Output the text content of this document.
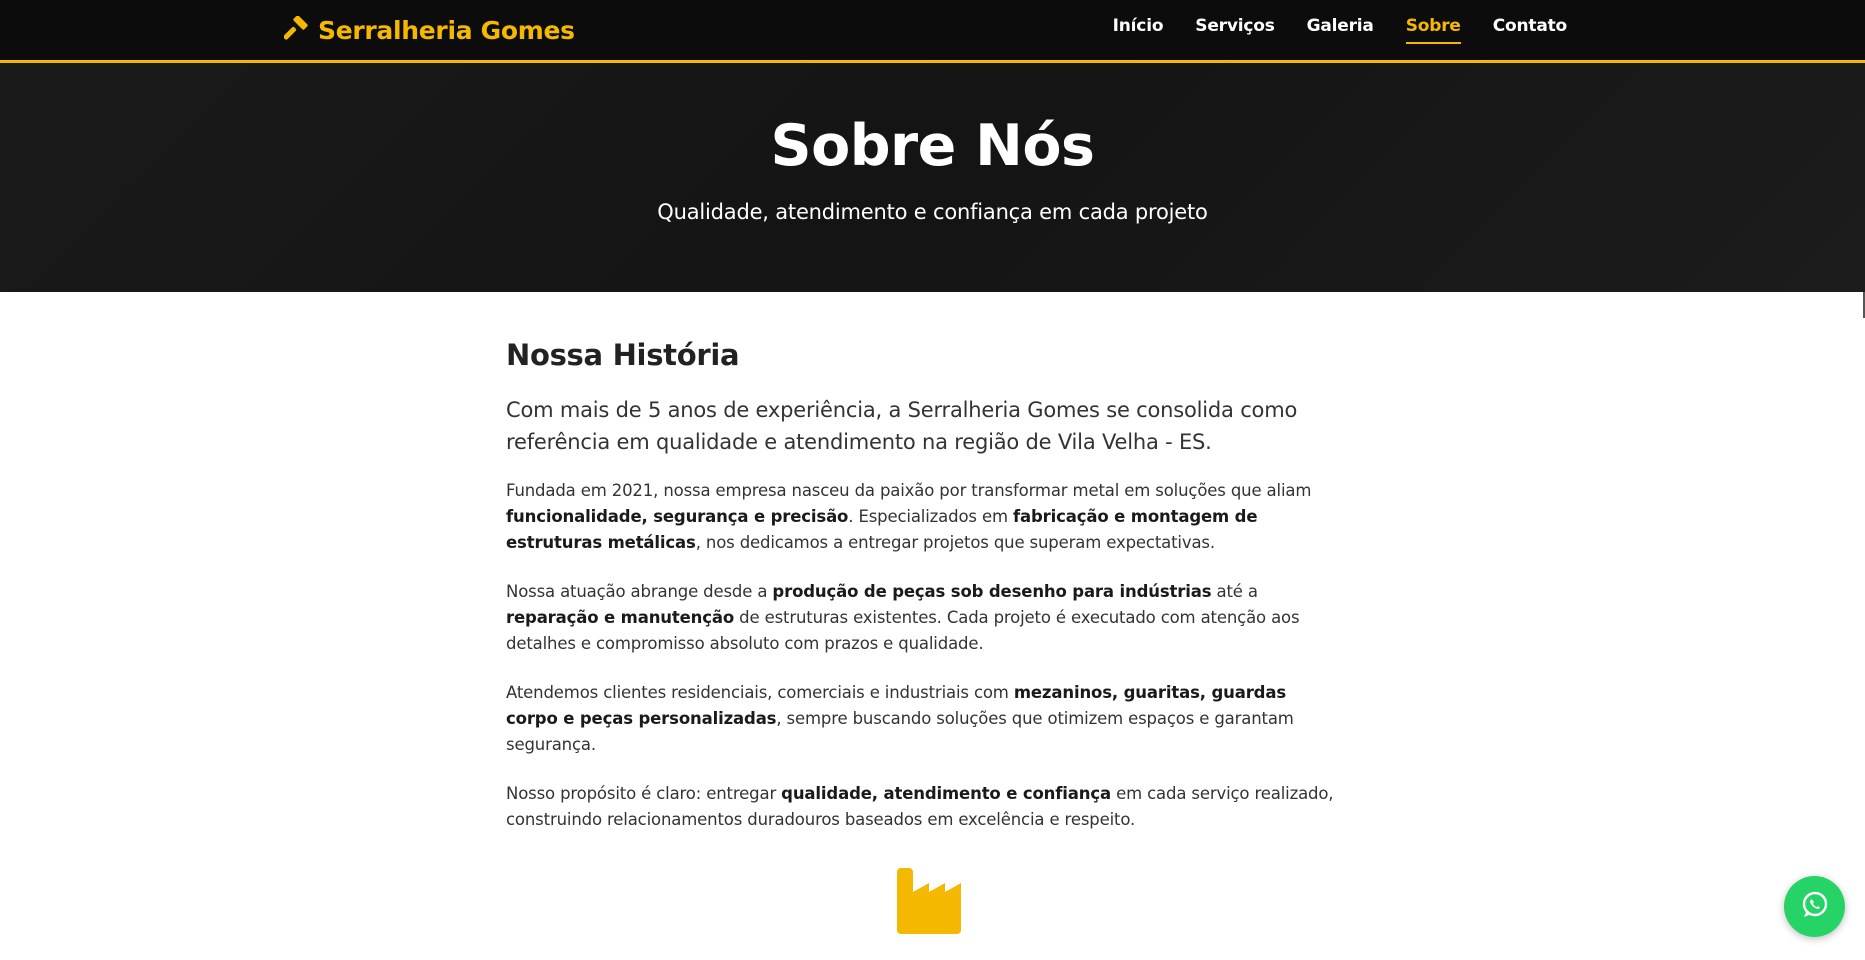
Serralheria Gomes	Início Serviços Galeria Sobre Contato
Sobre Nós
Qualidade, atendimento e confiança em cada projeto
Nossa História

Com mais de 5 anos de experiência, a Serralheria Gomes se consolida como referência em qualidade e atendimento na região de Vila Velha - ES.

Fundada em 2021, nossa empresa nasceu da paixão por transformar metal em soluções que aliam funcionalidade, segurança e precisão. Especializados em fabricação e montagem de estruturas metálicas, nos dedicamos a entregar projetos que superam expectativas.

Nossa atuação abrange desde a produção de peças sob desenho para indústrias até a reparação e manutenção de estruturas existentes. Cada projeto é executado com atenção aos detalhes e compromisso absoluto com prazos e qualidade.

Atendemos clientes residenciais, comerciais e industriais com mezaninos, guaritas, guardas corpo e peças personalizadas, sempre buscando soluções que otimizem espaços e garantam segurança.

Nosso propósito é claro: entregar qualidade, atendimento e confiança em cada serviço realizado, construindo relacionamentos duradouros baseados em excelência e respeito.
